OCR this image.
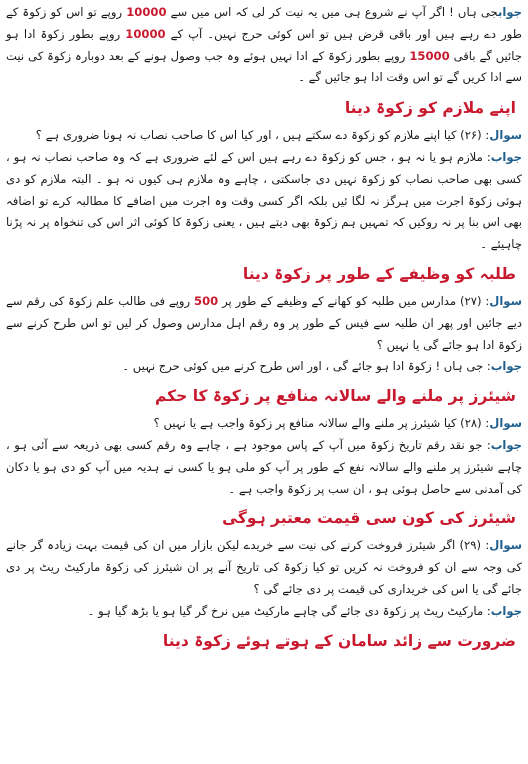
جوابجی ہاں ! اگر آپ نے شروع ہی میں یہ نیت کر لی کہ اس میں سے 10000 روپے تو اس کو زکوۃ کے طور دے رہے ہیں اور باقی قرض ہیں تو اس کوئی حرج نہیں۔ آپ کے 10000 روپے بطور زکوۃ ادا ہو جائیں گے باقی 15000 روپے بطور زکوۃ کے ادا نہیں ہوئے وہ جب وصول ہونے کے بعد دوبارہ زکوۃ کی نیت سے ادا کریں گے تو اس وقت ادا ہو جائیں گے ۔

اپنے ملازم کو زکوۃ دینا

سوال: (۲۶) کیا اپنے ملازم کو زکوۃ دے سکتے ہیں ، اور کیا اس کا صاحب نصاب نہ ہونا ضروری ہے ؟

جواب: ملازم ہو یا نہ ہو ، جس کو زکوۃ دے رہے ہیں اس کے لئے ضروری ہے کہ وہ صاحب نصاب نہ ہو ، کسی بھی صاحب نصاب کو زکوۃ نہیں دی جاسکتی ، چاہے وہ ملازم ہی کیوں نہ ہو ۔ البتہ ملازم کو دی ہوئی زکوۃ اجرت میں ہرگز نہ لگا ئیں بلکہ اگر کسی وقت وہ اجرت میں اضافے کا مطالبہ کرے تو اضافہ بھی اس بنا پر نہ روکیں کہ تمہیں ہم زکوۃ بھی دیتے ہیں ، یعنی زکوۃ کا کوئی اثر اس کی تنخواہ پر نہ پڑنا چاہیئے ۔

طلبہ کو وظیفے کے طور پر زکوۃ دینا

سوال: (۲۷) مدارس میں طلبہ کو کھانے کے وظیفے کے طور پر 500 روپے فی طالب علم زکوۃ کی رقم سے دیے جائیں اور پھر ان طلبہ سے فیس کے طور پر وہ رقم اہل مدارس وصول کر لیں تو اس طرح کرنے سے زکوۃ ادا ہو جائے گی یا نہیں ؟

جواب: جی ہاں ! زکوۃ ادا ہو جائے گی ، اور اس طرح کرنے میں کوئی حرج نہیں ۔

شیئرز پر ملنے والے سالانہ منافع پر زکوۃ کا حکم

سوال: (۲۸) کیا شیئرز پر ملنے والے سالانہ منافع پر زکوۃ واجب ہے یا نہیں ؟

جواب: جو نقد رقم تاریخ زکوۃ میں آپ کے پاس موجود ہے ، چاہے وہ رقم کسی بھی ذریعہ سے آئی ہو ، چاہے شیئرز پر ملنے والے سالانہ نفع کے طور پر آپ کو ملی ہو یا کسی نے ہدیہ میں آپ کو دی ہو یا دکان کی آمدنی سے حاصل ہوئی ہو ، ان سب پر زکوۃ واجب ہے ۔

شیئرز کی کون سی قیمت معتبر ہوگی

سوال: (۲۹) اگر شیئرز فروخت کرنے کی نیت سے خریدے لیکن بازار میں ان کی قیمت بہت زیادہ گر جانے کی وجہ سے ان کو فروخت نہ کریں تو کیا زکوۃ کی تاریخ آنے پر ان شیئرز کی زکوۃ مارکیٹ ریٹ پر دی جائے گی یا اس کی خریداری کی قیمت پر دی جائے گی ؟

جواب: مارکیٹ ریٹ پر زکوۃ دی جائے گی چاہے مارکیٹ میں نرخ گر گیا ہو یا بڑھ گیا ہو ۔

ضرورت سے زائد سامان کے ہوتے ہوئے زکوۃ دینا
